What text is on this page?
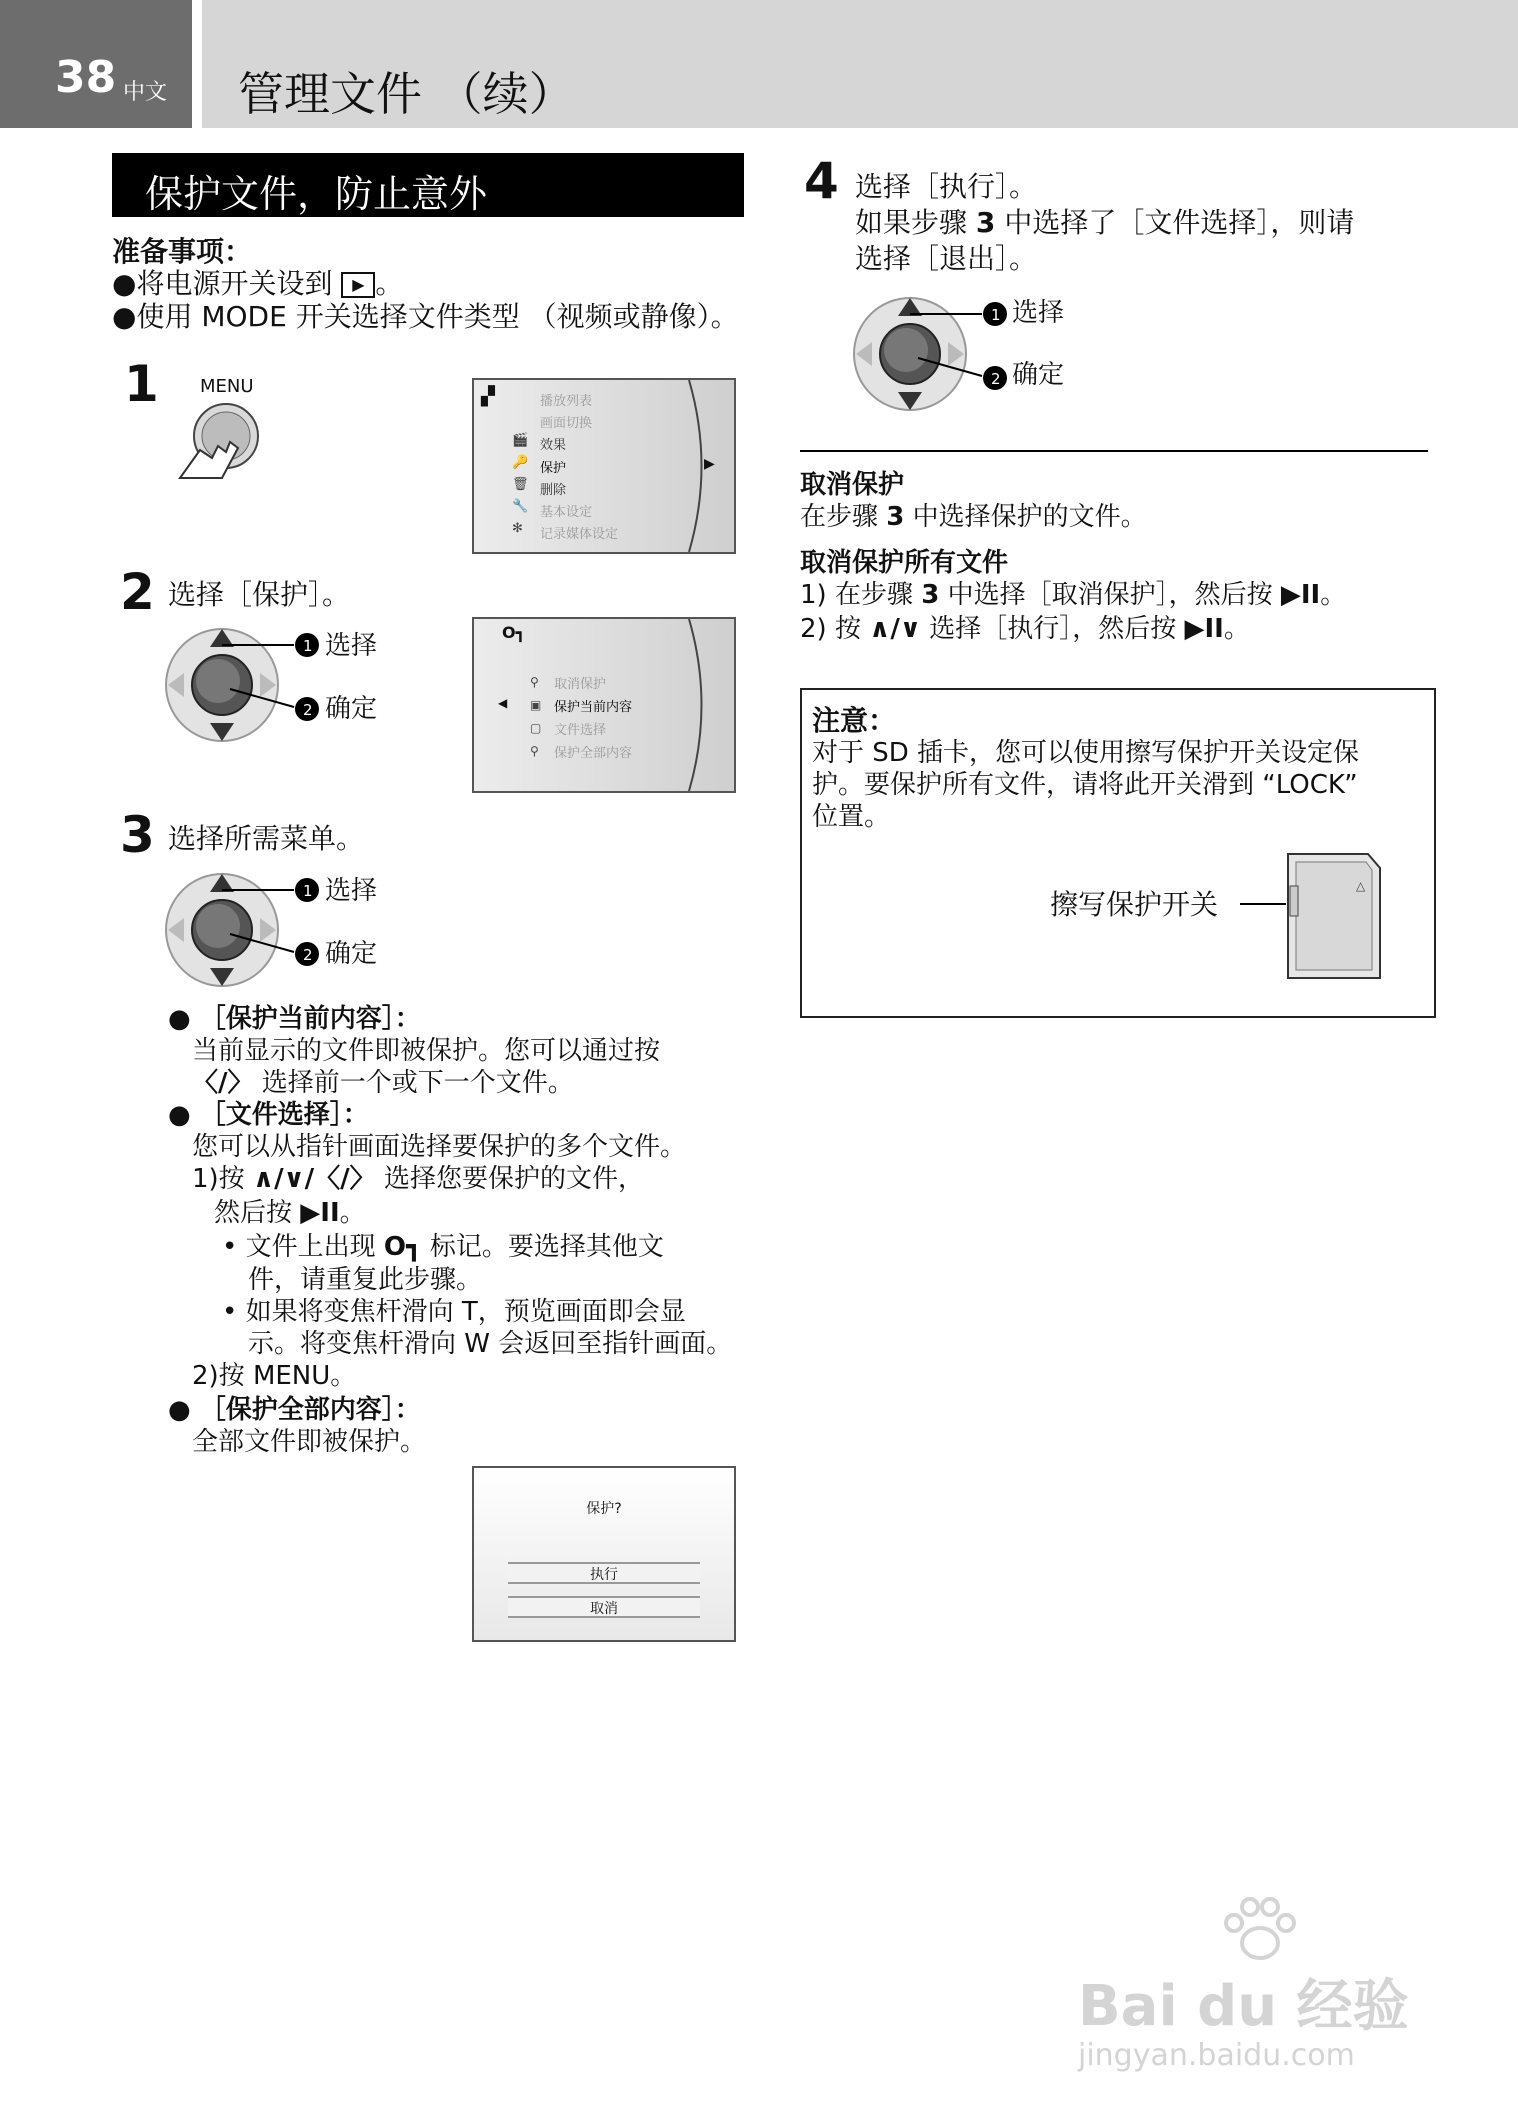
38 中文 管理文件 （续）
保护文件，防止意外
准备事项：
●将电源开关设到 ▶ 。
●使用 MODE 开关选择文件类型 （视频或静像）。
1 MENU	▞	播放列表
画面切换
效果
保护
删除
基本设定
记录媒体设定
🎬
🔑
🗑
🔧
✻
▶
2 选择［保护］。
1
2
选择
确定
O┓
⚲
▣
▢
⚲
◀
取消保护
保护当前内容
文件选择
保护全部内容
3 选择所需菜单。
1
2
选择
确定
● ［保护当前内容］：
当前显示的文件即被保护。您可以通过按
〈/〉 选择前一个或下一个文件。
● ［文件选择］：
您可以从指针画面选择要保护的多个文件。
1)按 ∧/∨/〈/〉 选择您要保护的文件，
然后按 ▶II。
• 文件上出现 O┓ 标记。要选择其他文
件，请重复此步骤。
• 如果将变焦杆滑向 T，预览画面即会显
示。将变焦杆滑向 W 会返回至指针画面。
2)按 MENU。
● ［保护全部内容］：
全部文件即被保护。
保护?
执行
取消
4 选择［执行］。
如果步骤 3 中选择了［文件选择］，则请
选择［退出］。
1
2
选择
确定
取消保护
在步骤 3 中选择保护的文件。
取消保护所有文件
1) 在步骤 3 中选择［取消保护］，然后按 ▶II。
2) 按 ∧/∨ 选择［执行］，然后按 ▶II。
注意：
对于 SD 插卡，您可以使用擦写保护开关设定保
护。要保护所有文件，请将此开关滑到 “LOCK”
位置。
擦写保护开关
△
Bai du 经验
jingyan.baidu.com
